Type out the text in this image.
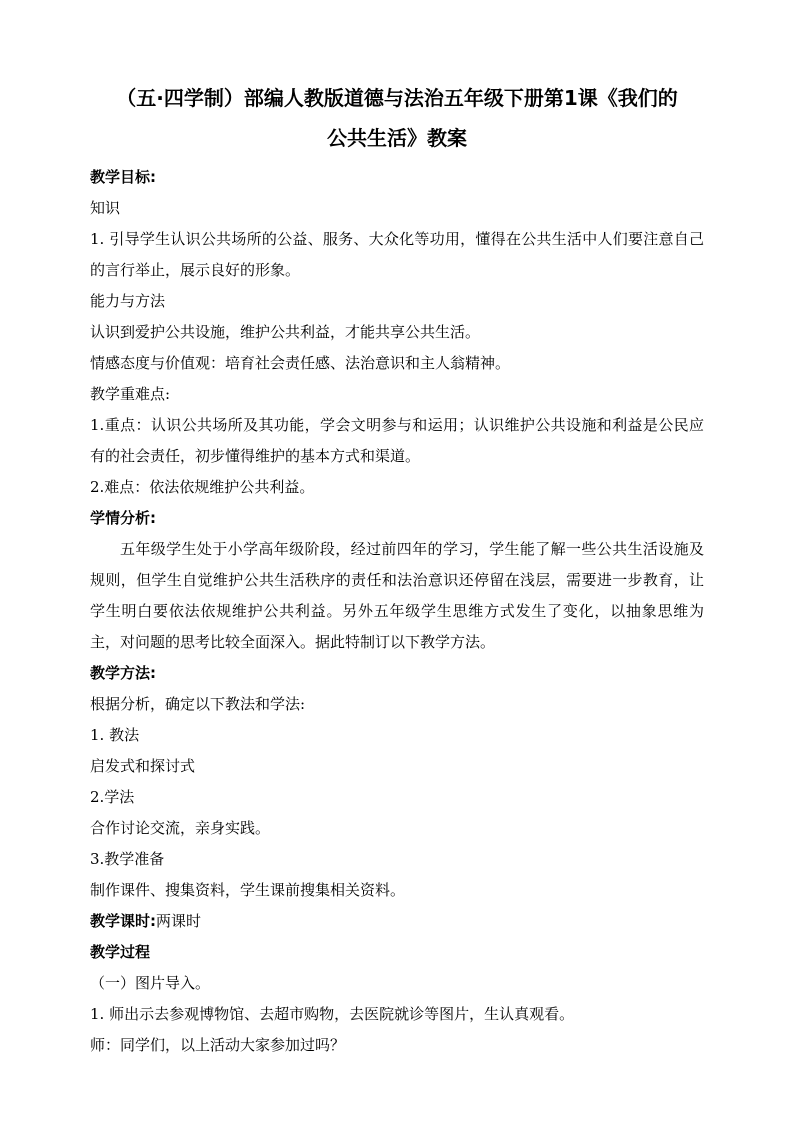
（五·四学制）部编人教版道德与法治五年级下册第1课《我们的
公共生活》教案
教学目标:
知识
1. 引导学生认识公共场所的公益、服务、大众化等功用，懂得在公共生活中人们要注意自己的言行举止，展示良好的形象。
能力与方法
认识到爱护公共设施，维护公共利益，才能共享公共生活。
情感态度与价值观：培育社会责任感、法治意识和主人翁精神。
教学重难点:
1.重点：认识公共场所及其功能，学会文明参与和运用；认识维护公共设施和利益是公民应有的社会责任，初步懂得维护的基本方式和渠道。
2.难点：依法依规维护公共利益。
学情分析:
五年级学生处于小学高年级阶段，经过前四年的学习，学生能了解一些公共生活设施及规则，但学生自觉维护公共生活秩序的责任和法治意识还停留在浅层，需要进一步教育，让学生明白要依法依规维护公共利益。另外五年级学生思维方式发生了变化，以抽象思维为主，对问题的思考比较全面深入。据此特制订以下教学方法。
教学方法:
根据分析，确定以下教法和学法:
1. 教法
启发式和探讨式
2.学法
合作讨论交流，亲身实践。
3.教学准备
制作课件、搜集资料，学生课前搜集相关资料。
教学课时:两课时
教学过程
（一）图片导入。
1. 师出示去参观博物馆、去超市购物，去医院就诊等图片，生认真观看。
师：同学们，以上活动大家参加过吗？
